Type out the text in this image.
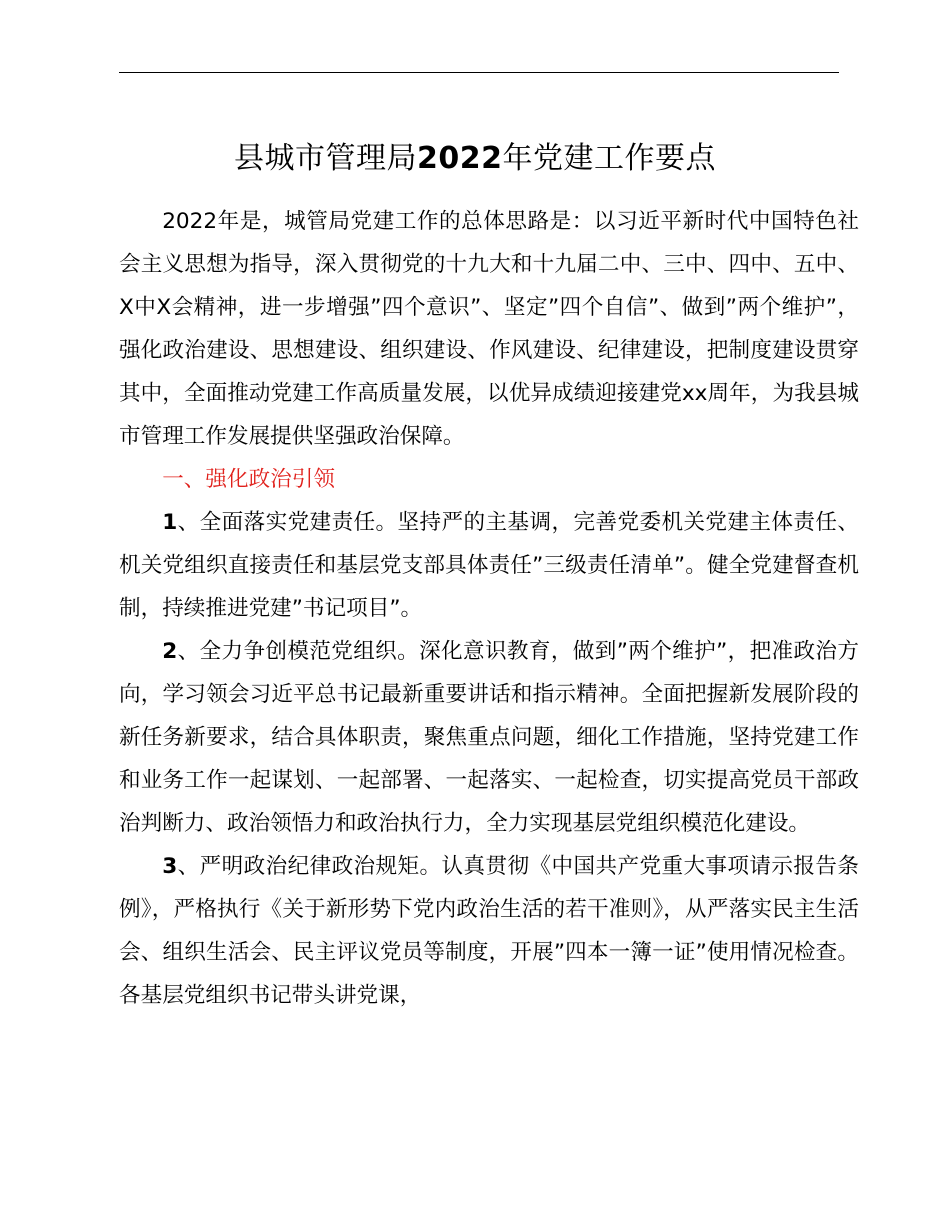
县城市管理局2022年党建工作要点

2022年是，城管局党建工作的总体思路是：以习近平新时代中国特色社会主义思想为指导，深入贯彻党的十九大和十九届二中、三中、四中、五中、X中X会精神，进一步增强”四个意识”、坚定”四个自信”、做到”两个维护”，强化政治建设、思想建设、组织建设、作风建设、纪律建设，把制度建设贯穿其中，全面推动党建工作高质量发展，以优异成绩迎接建党xx周年，为我县城市管理工作发展提供坚强政治保障。

一、强化政治引领

1、全面落实党建责任。坚持严的主基调，完善党委机关党建主体责任、机关党组织直接责任和基层党支部具体责任”三级责任清单”。健全党建督查机制，持续推进党建”书记项目”。

2、全力争创模范党组织。深化意识教育，做到”两个维护”，把准政治方向，学习领会习近平总书记最新重要讲话和指示精神。全面把握新发展阶段的新任务新要求，结合具体职责，聚焦重点问题，细化工作措施，坚持党建工作和业务工作一起谋划、一起部署、一起落实、一起检查，切实提高党员干部政治判断力、政治领悟力和政治执行力，全力实现基层党组织模范化建设。

3、严明政治纪律政治规矩。认真贯彻《中国共产党重大事项请示报告条例》，严格执行《关于新形势下党内政治生活的若干准则》，从严落实民主生活会、组织生活会、民主评议党员等制度，开展”四本一簿一证”使用情况检查。各基层党组织书记带头讲党课，
